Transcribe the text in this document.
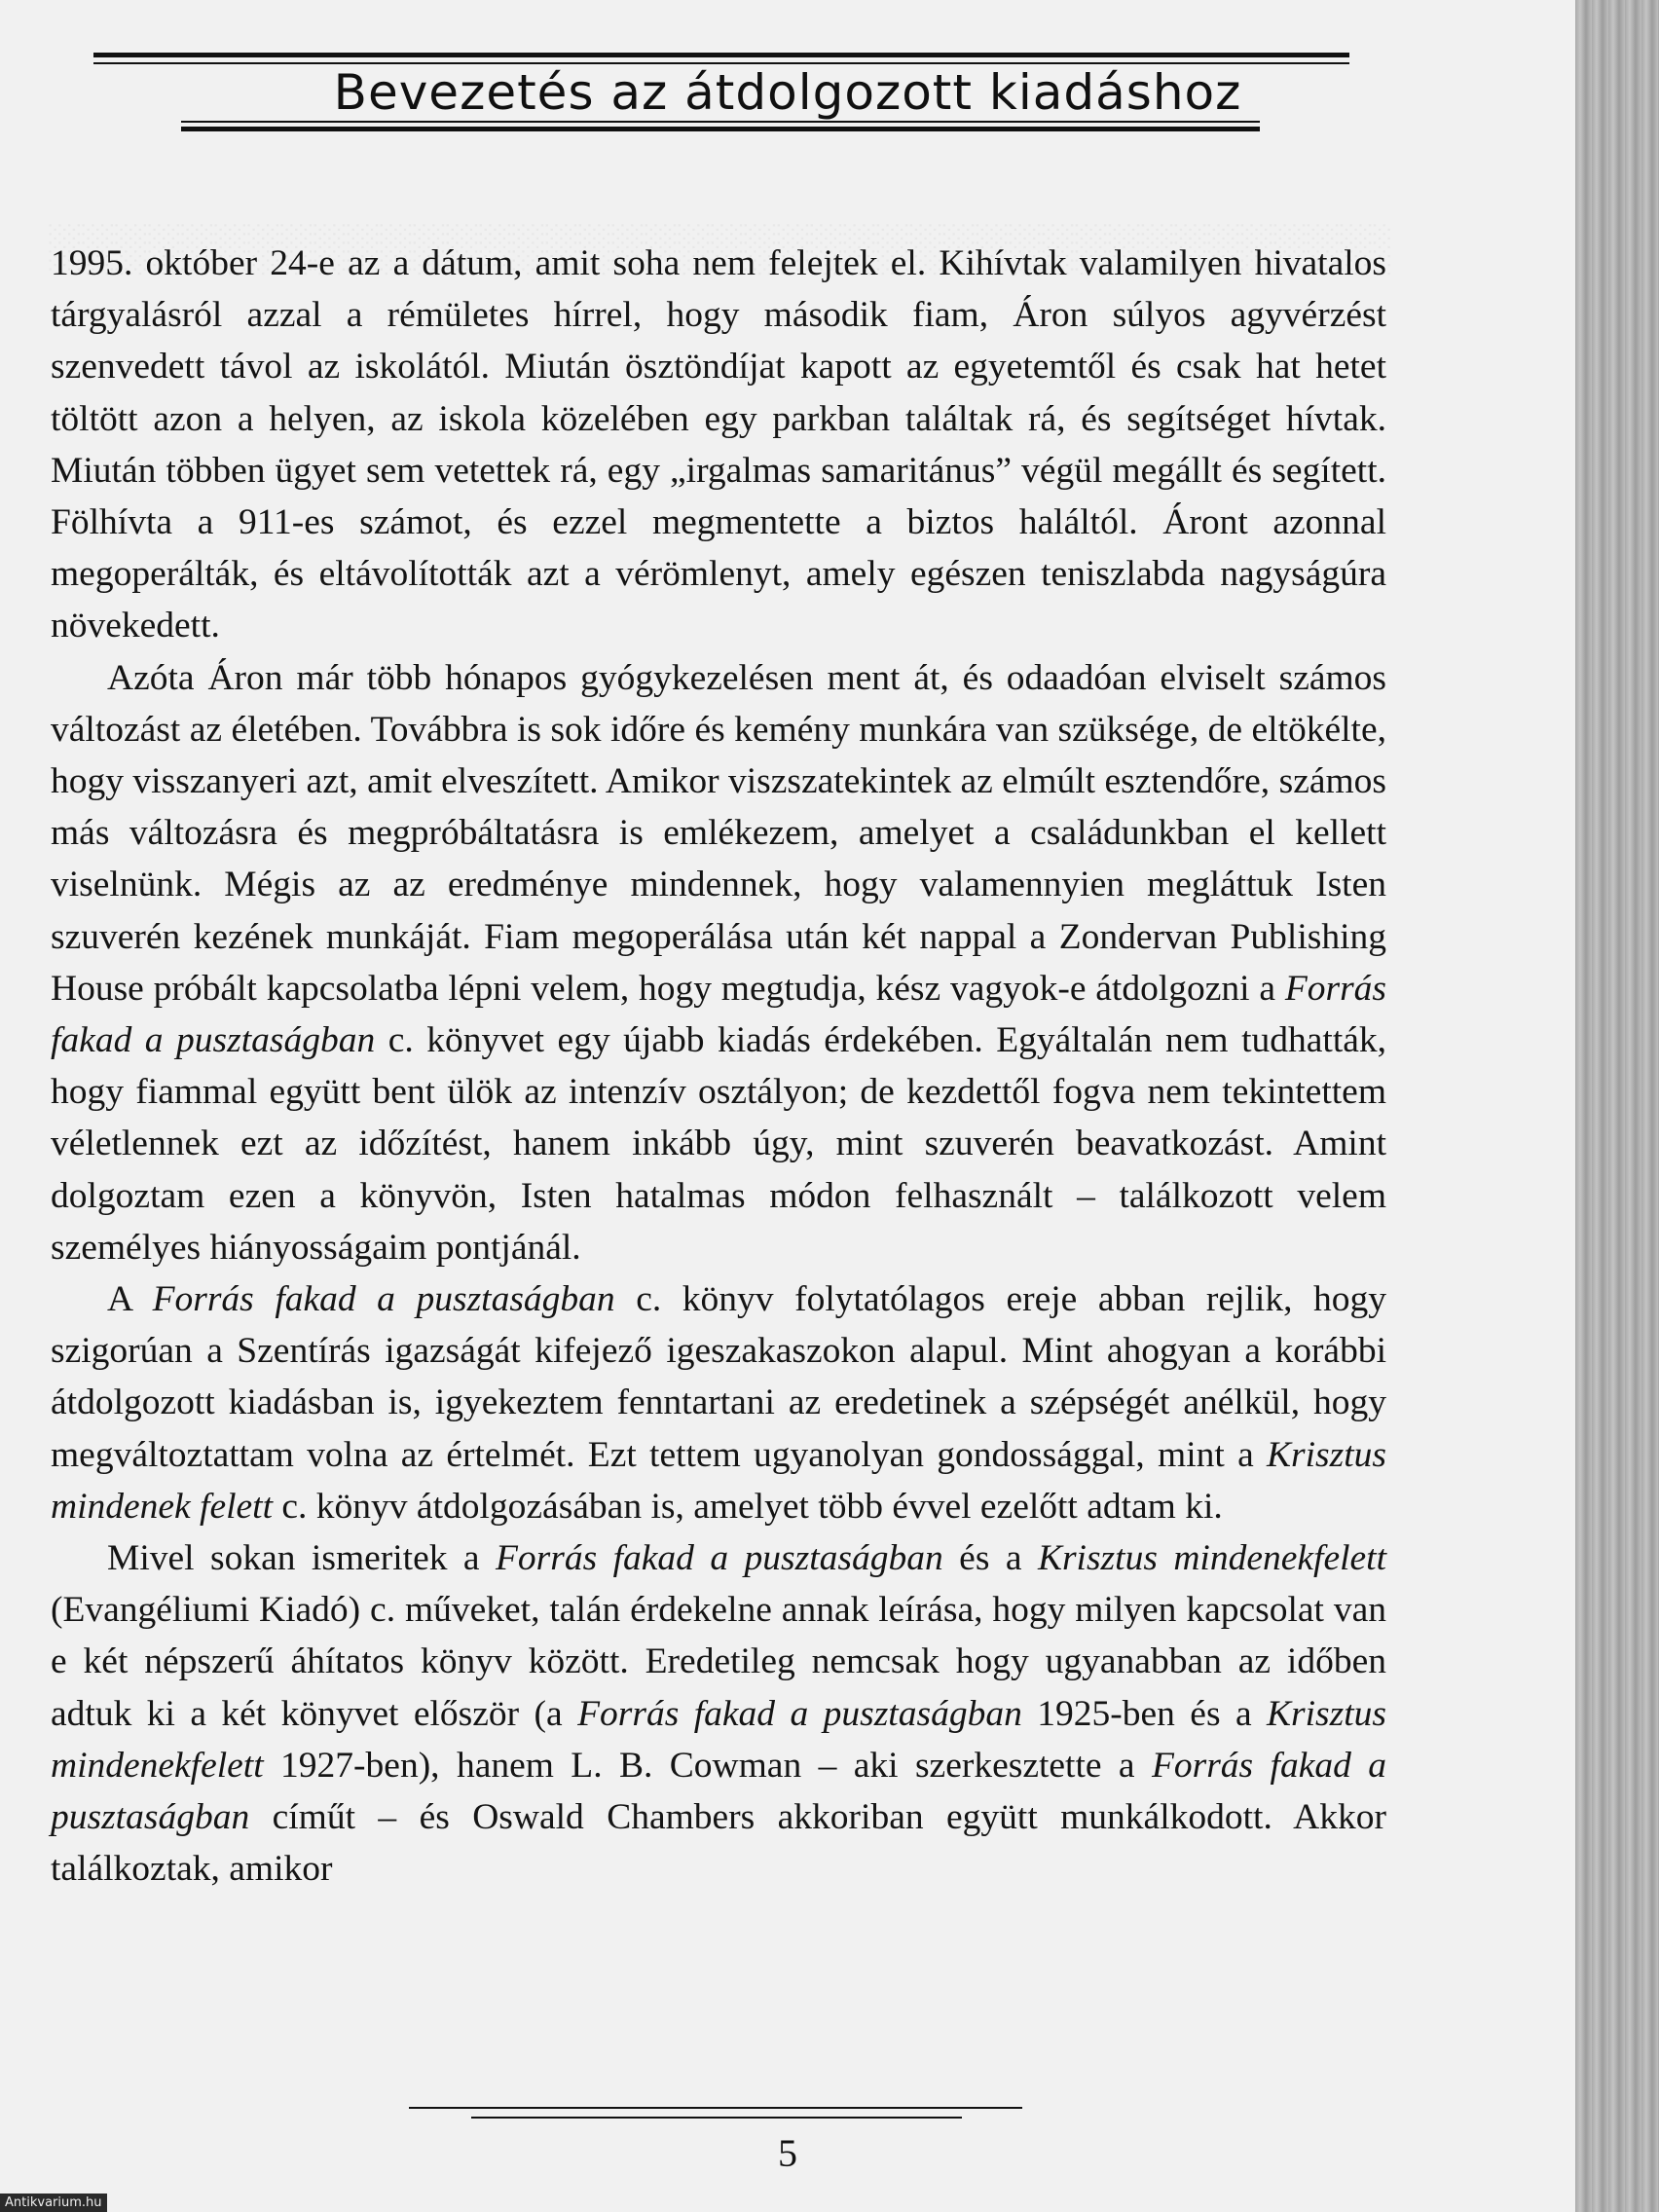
Bevezetés az átdolgozott kiadáshoz

1995. október 24-e az a dátum, amit soha nem felejtek el. Kihívtak valamilyen hivatalos tárgyalásról azzal a rémületes hírrel, hogy második fiam, Áron súlyos agyvérzést szenvedett távol az iskolától. Miután ösztöndíjat kapott az egyetemtől és csak hat hetet töltött azon a helyen, az iskola közelében egy parkban találtak rá, és segítséget hívtak. Miután többen ügyet sem vetettek rá, egy „irgalmas samaritánus” végül megállt és segített. Fölhívta a 911-es számot, és ezzel megmentette a biztos haláltól. Áront azonnal megoperálták, és eltávolították azt a vérömlenyt, amely egészen teniszlabda nagyságúra növekedett.

Azóta Áron már több hónapos gyógykezelésen ment át, és odaadóan elviselt számos változást az életében. Továbbra is sok időre és kemény munkára van szüksége, de eltökélte, hogy visszanyeri azt, amit elveszített. Amikor viszszatekintek az elmúlt esztendőre, számos más változásra és megpróbáltatásra is emlékezem, amelyet a családunkban el kellett viselnünk. Mégis az az eredménye mindennek, hogy valamennyien megláttuk Isten szuverén kezének munkáját. Fiam megoperálása után két nappal a Zondervan Publishing House próbált kapcsolatba lépni velem, hogy megtudja, kész vagyok-e átdolgozni a Forrás fakad a pusztaságban c. könyvet egy újabb kiadás érdekében. Egyáltalán nem tudhatták, hogy fiammal együtt bent ülök az intenzív osztályon; de kezdettől fogva nem tekintettem véletlennek ezt az időzítést, hanem inkább úgy, mint szuverén beavatkozást. Amint dolgoztam ezen a könyvön, Isten hatalmas módon felhasznált – találkozott velem személyes hiányosságaim pontjánál.

A Forrás fakad a pusztaságban c. könyv folytatólagos ereje abban rejlik, hogy szigorúan a Szentírás igazságát kifejező igeszakaszokon alapul. Mint ahogyan a korábbi átdolgozott kiadásban is, igyekeztem fenntartani az eredetinek a szépségét anélkül, hogy megváltoztattam volna az értelmét. Ezt tettem ugyanolyan gondossággal, mint a Krisztus mindenek felett c. könyv átdolgozásában is, amelyet több évvel ezelőtt adtam ki.

Mivel sokan ismeritek a Forrás fakad a pusztaságban és a Krisztus mindenekfelett (Evangéliumi Kiadó) c. műveket, talán érdekelne annak leírása, hogy milyen kapcsolat van e két népszerű áhítatos könyv között. Eredetileg nemcsak hogy ugyanabban az időben adtuk ki a két könyvet először (a Forrás fakad a pusztaságban 1925-ben és a Krisztus mindenekfelett 1927-ben), hanem L. B. Cowman – aki szerkesztette a Forrás fakad a pusztaságban címűt – és Oswald Chambers akkoriban együtt munkálkodott. Akkor találkoztak, amikor

5
Antikvarium.hu
